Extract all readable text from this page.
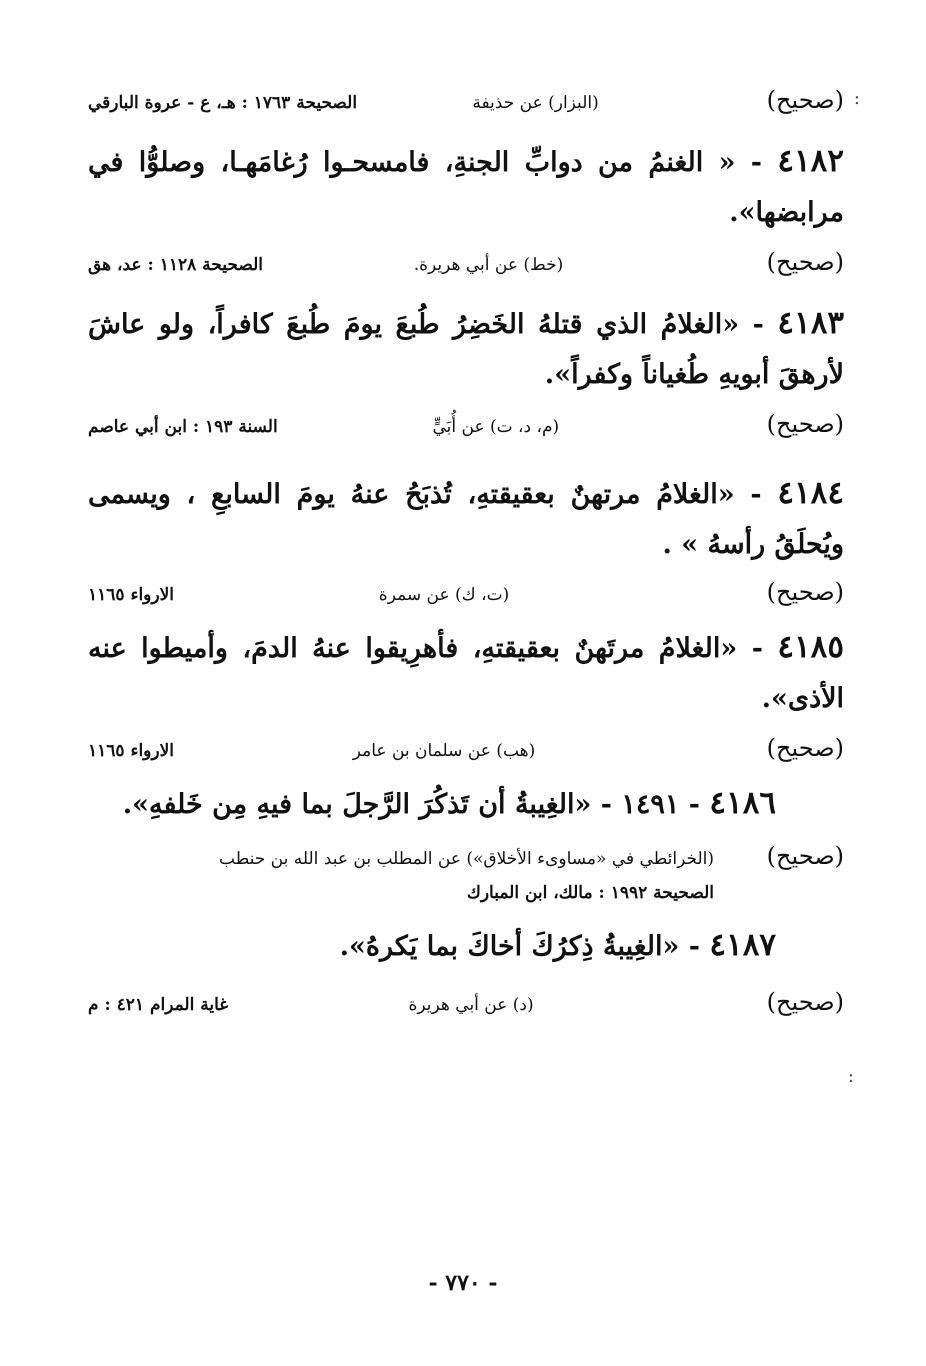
:
(صحيح)
(البزار) عن حذيفة
الصحيحة ١٧٦٣ : هـ، ع - عروة البارقي
٤١٨٢ - « الغنمُ من دوابِّ الجنةِ، فامسحـوا رُغامَهـا، وصلوُّا في مرابضها».
(صحيح)
(خط) عن أبي هريرة.
الصحيحة ١١٢٨ : عد، هق
٤١٨٣ - «الغلامُ الذي قتلهُ الخَضِرُ طُبعَ يومَ طُبعَ كافراً، ولو عاشَ لأرهقَ أبويهِ طُغياناً وكفراً».
(صحيح)
(م، د، ت) عن أُبَيٍّ
السنة ١٩٣ : ابن أبي عاصم
٤١٨٤ - «الغلامُ مرتهنٌ بعقيقتهِ، تُذبَحُ عنهُ يومَ السابعِ ، ويسمى ويُحلَقُ رأسهُ » .
(صحيح)
(ت، ك) عن سمرة
الارواء ١١٦٥
٤١٨٥ - «الغلامُ مرتَهنٌ بعقيقتهِ، فأهرِيقوا عنهُ الدمَ، وأميطوا عنه الأذى».
(صحيح)
(هب) عن سلمان بن عامر
الارواء ١١٦٥
٤١٨٦ - ١٤٩١ - «الغِيبةُ أن تَذكُرَ الرَّجلَ بما فيهِ مِن خَلفهِ».
(صحيح)
(الخرائطي في «مساوىء الأخلاق») عن المطلب بن عبد الله بن حنطب
الصحيحة ١٩٩٢ : مالك، ابن المبارك
٤١٨٧ - «الغِيبةُ ذِكرُكَ أخاكَ بما يَكرهُ».
(صحيح)
(د) عن أبي هريرة
غاية المرام ٤٢١ : م
:
- ٧٧٠ -
